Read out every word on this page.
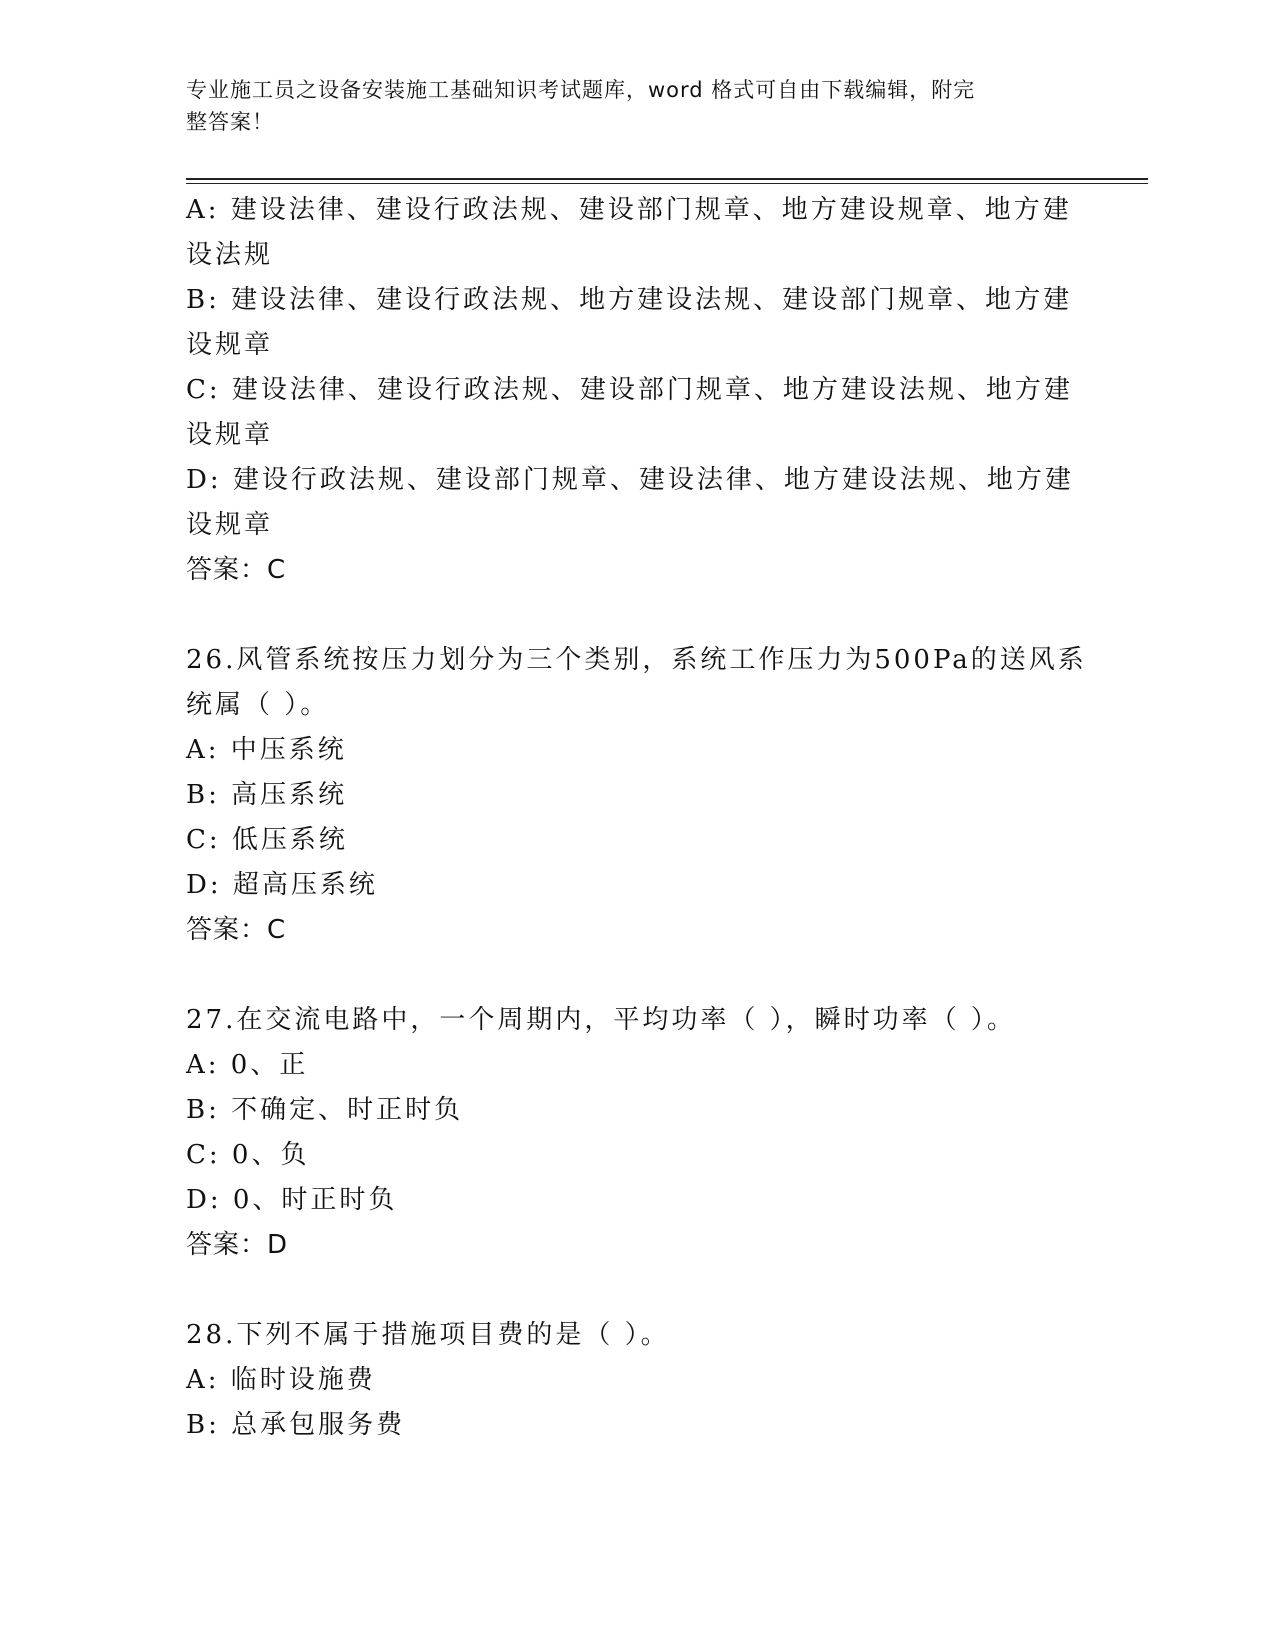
专业施工员之设备安装施工基础知识考试题库，word 格式可自由下载编辑，附完
整答案！
A: 建设法律、建设行政法规、建设部门规章、地方建设规章、地方建
设法规
B: 建设法律、建设行政法规、地方建设法规、建设部门规章、地方建
设规章
C: 建设法律、建设行政法规、建设部门规章、地方建设法规、地方建
设规章
D: 建设行政法规、建设部门规章、建设法律、地方建设法规、地方建
设规章
答案：C
26.风管系统按压力划分为三个类别，系统工作压力为500Pa的送风系
统属（ ）。
A: 中压系统
B: 高压系统
C: 低压系统
D: 超高压系统
答案：C
27.在交流电路中，一个周期内，平均功率（ ），瞬时功率（ ）。
A: 0、正
B: 不确定、时正时负
C: 0、负
D: 0、时正时负
答案：D
28.下列不属于措施项目费的是（ ）。
A: 临时设施费
B: 总承包服务费
